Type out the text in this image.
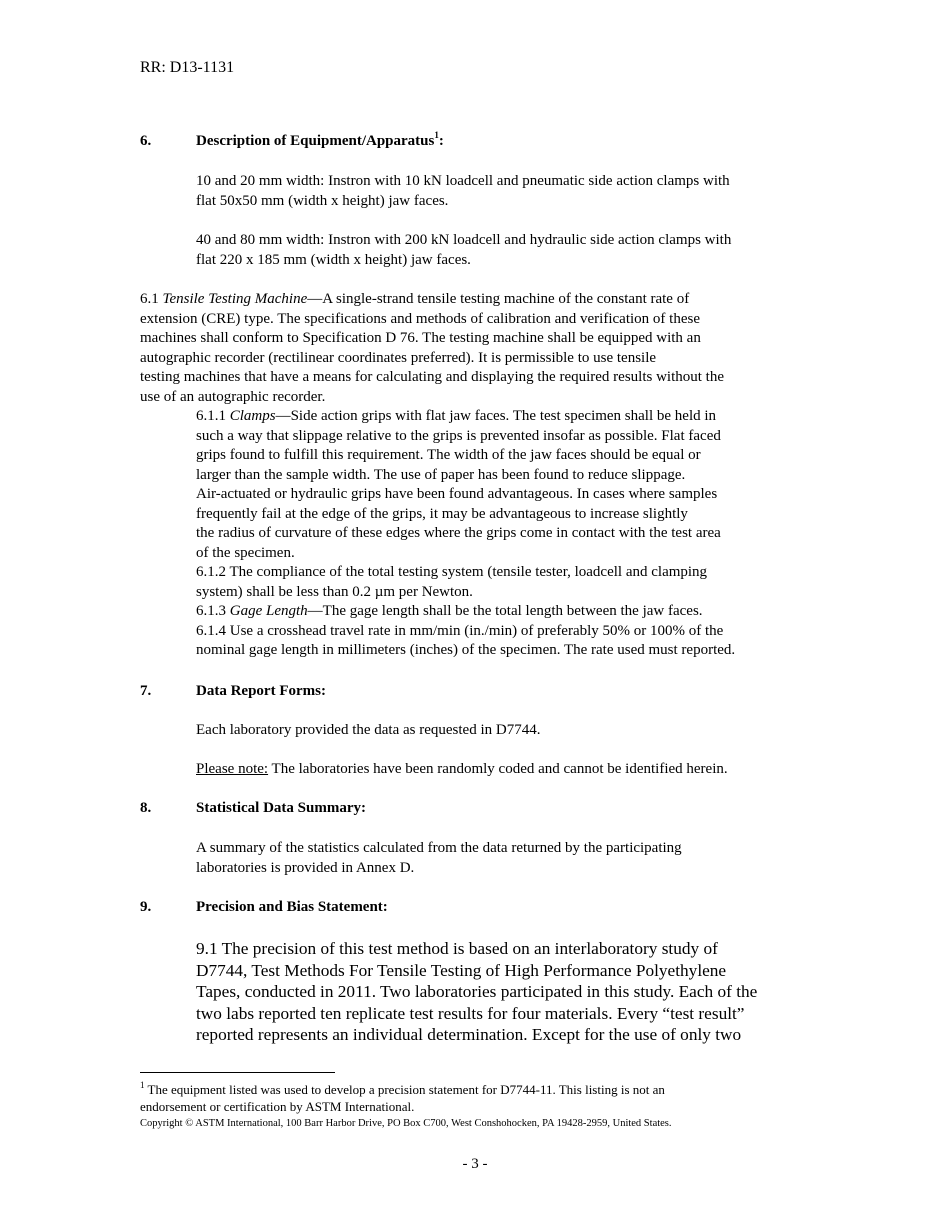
RR: D13-1131
6.	Description of Equipment/Apparatus$^1$:
10 and 20 mm width: Instron with 10 kN loadcell and pneumatic side action clamps with
flat 50x50 mm (width x height) jaw faces.
40 and 80 mm width: Instron with 200 kN loadcell and hydraulic side action clamps with
flat 220 x 185 mm (width x height) jaw faces.
6.1 Tensile Testing Machine—A single-strand tensile testing machine of the constant rate of
extension (CRE) type. The specifications and methods of calibration and verification of these
machines shall conform to Specification D 76. The testing machine shall be equipped with an
autographic recorder (rectilinear coordinates preferred). It is permissible to use tensile
testing machines that have a means for calculating and displaying the required results without the
use of an autographic recorder.
6.1.1 Clamps—Side action grips with flat jaw faces. The test specimen shall be held in
such a way that slippage relative to the grips is prevented insofar as possible. Flat faced
grips found to fulfill this requirement. The width of the jaw faces should be equal or
larger than the sample width. The use of paper has been found to reduce slippage.
Air-actuated or hydraulic grips have been found advantageous. In cases where samples
frequently fail at the edge of the grips, it may be advantageous to increase slightly
the radius of curvature of these edges where the grips come in contact with the test area
of the specimen.
6.1.2 The compliance of the total testing system (tensile tester, loadcell and clamping
system) shall be less than 0.2 µm per Newton.
6.1.3 Gage Length—The gage length shall be the total length between the jaw faces.
6.1.4 Use a crosshead travel rate in mm/min (in./min) of preferably 50% or 100% of the
nominal gage length in millimeters (inches) of the specimen. The rate used must reported.
7.	Data Report Forms:
Each laboratory provided the data as requested in D7744.
Please note: The laboratories have been randomly coded and cannot be identified herein.
8.	Statistical Data Summary:
A summary of the statistics calculated from the data returned by the participating
laboratories is provided in Annex D.
9.	Precision and Bias Statement:
9.1 The precision of this test method is based on an interlaboratory study of
D7744, Test Methods For Tensile Testing of High Performance Polyethylene
Tapes, conducted in 2011. Two laboratories participated in this study. Each of the
two labs reported ten replicate test results for four materials. Every “test result”
reported represents an individual determination. Except for the use of only two
$^1$ The equipment listed was used to develop a precision statement for D7744-11. This listing is not an
endorsement or certification by ASTM International.
Copyright © ASTM International, 100 Barr Harbor Drive, PO Box C700, West Conshohocken, PA 19428-2959, United States.
- 3 -
